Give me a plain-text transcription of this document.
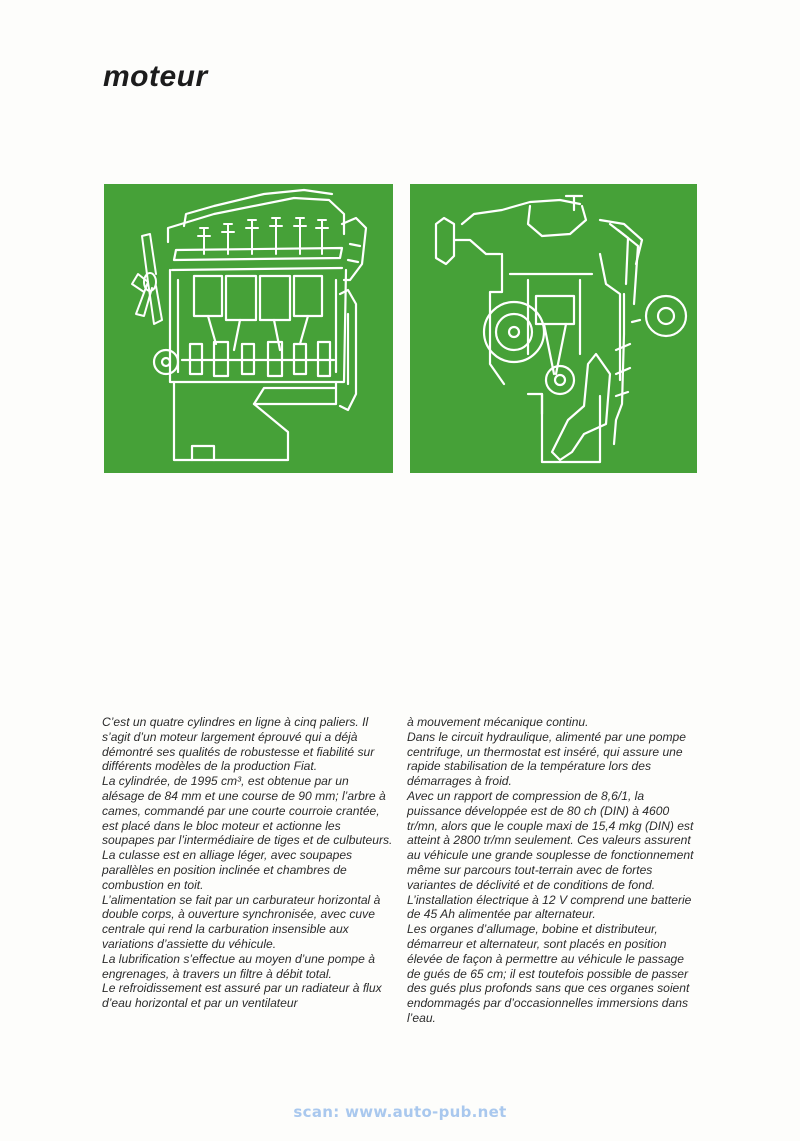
moteur

C’est un quatre cylindres en ligne à cinq paliers. Il s’agit d’un moteur largement éprouvé qui a déjà démontré ses qualités de robustesse et fiabilité sur différents modèles de la production Fiat.

La cylindrée, de 1995 cm³, est obtenue par un alésage de 84 mm et une course de 90 mm; l’arbre à cames, commandé par une courte courroie crantée, est placé dans le bloc moteur et actionne les soupapes par l’intermédiaire de tiges et de culbuteurs.

La culasse est en alliage léger, avec soupapes parallèles en position inclinée et chambres de combustion en toit.

L’alimentation se fait par un carburateur horizontal à double corps, à ouverture synchronisée, avec cuve centrale qui rend la carburation insensible aux variations d’assiette du véhicule.

La lubrification s’effectue au moyen d’une pompe à engrenages, à travers un filtre à débit total.

Le refroidissement est assuré par un radiateur à flux d’eau horizontal et par un ventilateur

à mouvement mécanique continu.

Dans le circuit hydraulique, alimenté par une pompe centrifuge, un thermostat est inséré, qui assure une rapide stabilisation de la température lors des démarrages à froid.

Avec un rapport de compression de 8,6/1, la puissance développée est de 80 ch (DIN) à 4600 tr/mn, alors que le couple maxi de 15,4 mkg (DIN) est atteint à 2800 tr/mn seulement. Ces valeurs assurent au véhicule une grande souplesse de fonctionnement même sur parcours tout-terrain avec de fortes variantes de déclivité et de conditions de fond.

L’installation électrique à 12 V comprend une batterie de 45 Ah alimentée par alternateur.

Les organes d’allumage, bobine et distributeur, démarreur et alternateur, sont placés en position élevée de façon à permettre au véhicule le passage de gués de 65 cm; il est toutefois possible de passer des gués plus profonds sans que ces organes soient endommagés par d’occasionnelles immersions dans l’eau.

scan: www.auto-pub.net
